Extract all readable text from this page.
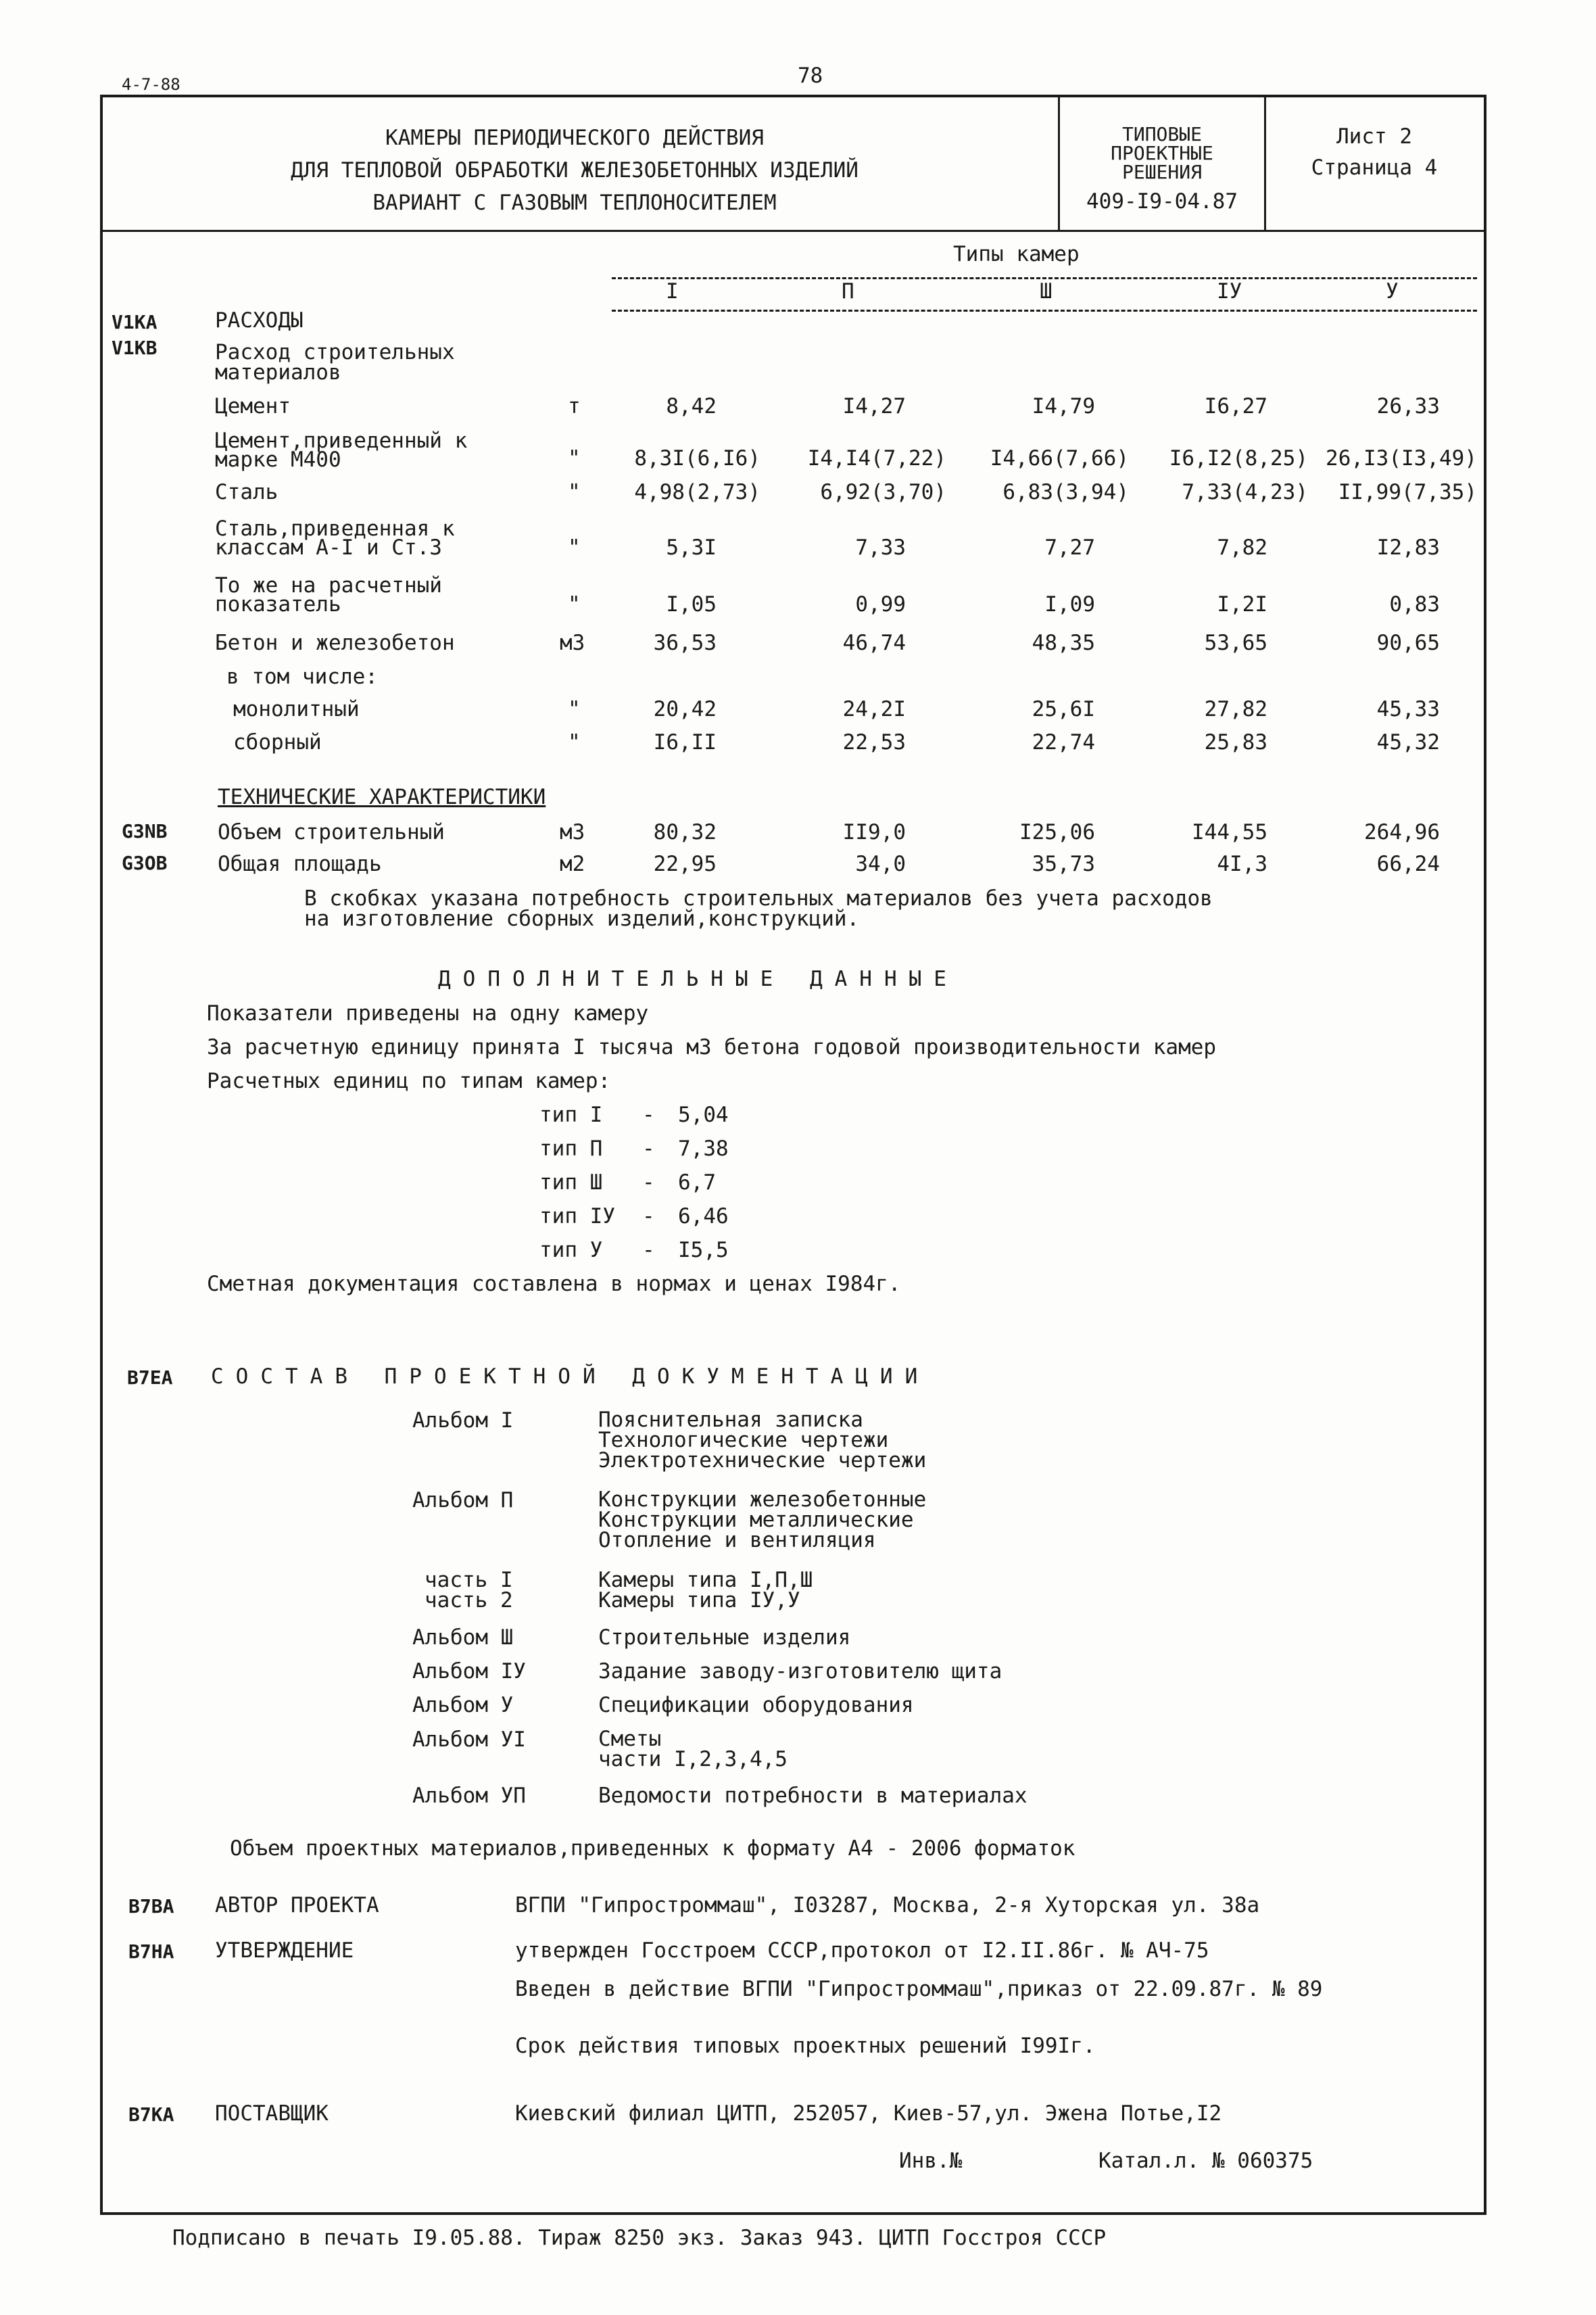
4-7-88	78
КАМЕРЫ ПЕРИОДИЧЕСКОГО ДЕЙСТВИЯ
ДЛЯ ТЕПЛОВОЙ ОБРАБОТКИ ЖЕЛЕЗОБЕТОННЫХ ИЗДЕЛИЙ
ВАРИАНТ С ГАЗОВЫМ ТЕПЛОНОСИТЕЛЕМ
ТИПОВЫЕ
ПРОЕКТНЫЕ
РЕШЕНИЯ
409-I9-04.87
Лист 2
Страница 4
Типы камер
I	П	Ш	IУ	У
V1КА
V1КВ
РАСХОДЫ
Расход строительных
материалов
Цемент	т	8,42	I4,27	I4,79	I6,27	26,33
Цемент,приведенный к
марке М400	"	8,3I(6,I6)	I4,I4(7,22)	I4,66(7,66)	I6,I2(8,25) 26,I3(I3,49)
Сталь	"	4,98(2,73)	6,92(3,70)	6,83(3,94)	7,33(4,23)	II,99(7,35)
Сталь,приведенная к
классам А-I и Ст.3	"	5,3I	7,33	7,27	7,82	I2,83
То же на расчетный
показатель	"	I,05	0,99	I,09	I,2I	0,83
Бетон и железобетон	м3	36,53	46,74	48,35	53,65	90,65
в том числе:
монолитный	"	20,42	24,2I	25,6I	27,82	45,33
сборный	"	I6,II	22,53	22,74	25,83	45,32
ТЕХНИЧЕСКИЕ ХАРАКТЕРИСТИКИ
G3NB Объем строительный	м3	80,32	II9,0	I25,06	I44,55	264,96
G3OB Общая площадь	м2	22,95	34,0	35,73	4I,3	66,24
В скобках указана потребность строительных материалов без учета расходов
на изготовление сборных изделий,конструкций.
ДОПОЛНИТЕЛЬНЫЕ ДАННЫЕ
Показатели приведены на одну камеру
За расчетную единицу принята I тысяча м3 бетона годовой производительности камер
Расчетных единиц по типам камер:
тип I - 5,04
тип П - 7,38
тип Ш - 6,7
тип IУ - 6,46
тип У - I5,5
Сметная документация составлена в нормах и ценах I984г.
В7ЕА СОСТАВ ПРОЕКТНОЙ ДОКУМЕНТАЦИИ
Альбом I	Пояснительная записка
Технологические чертежи
Электротехнические чертежи
Альбом П	Конструкции железобетонные
Конструкции металлические
Отопление и вентиляция
часть I	Камеры типа I,П,Ш
часть 2	Камеры типа IУ,У
Альбом Ш	Строительные изделия
Альбом IУ	Задание заводу-изготовителю щита
Альбом У	Спецификации оборудования
Альбом УI	Сметы
части I,2,3,4,5
Альбом УП	Ведомости потребности в материалах
Объем проектных материалов,приведенных к формату А4 - 2006 форматок
В7ВА АВТОР ПРОЕКТА	ВГПИ "Гипростроммаш", I03287, Москва, 2-я Хуторская ул. 38а
В7НА УТВЕРЖДЕНИЕ	утвержден Госстроем СССР,протокол от I2.II.86г. № АЧ-75
Введен в действие ВГПИ "Гипростроммаш",приказ от 22.09.87г. № 89
Срок действия типовых проектных решений I99Iг.
В7КА ПОСТАВЩИК	Киевский филиал ЦИТП, 252057, Киев-57,ул. Эжена Потье,I2
Инв.№	Катал.л. № 060375
Подписано в печать I9.05.88. Тираж 8250 экз. Заказ 943. ЦИТП Госстроя СССР
